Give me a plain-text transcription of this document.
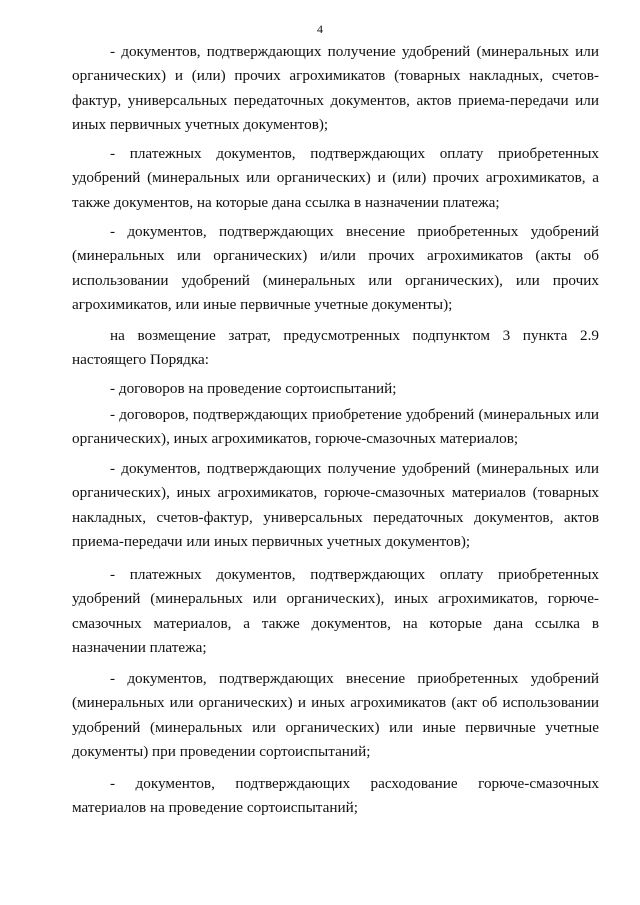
4

- документов, подтверждающих получение удобрений (минеральных или органических) и (или) прочих агрохимикатов (товарных накладных, счетов-фактур, универсальных передаточных документов, актов приема-передачи или иных первичных учетных документов);

- платежных документов, подтверждающих оплату приобретенных удобрений (минеральных или органических) и (или) прочих агрохимикатов, а также документов, на которые дана ссылка в назначении платежа;

- документов, подтверждающих внесение приобретенных удобрений (минеральных или органических) и/или прочих агрохимикатов (акты об использовании удобрений (минеральных или органических), или прочих агрохимикатов, или иные первичные учетные документы);

на возмещение затрат, предусмотренных подпунктом 3 пункта 2.9 настоящего Порядка:

- договоров на проведение сортоиспытаний;

- договоров, подтверждающих приобретение удобрений (минеральных или органических), иных агрохимикатов, горюче-смазочных материалов;

- документов, подтверждающих получение удобрений (минеральных или органических), иных агрохимикатов, горюче-смазочных материалов (товарных накладных, счетов-фактур, универсальных передаточных документов, актов приема-передачи или иных первичных учетных документов);

- платежных документов, подтверждающих оплату приобретенных удобрений (минеральных или органических), иных агрохимикатов, горюче-смазочных материалов, а также документов, на которые дана ссылка в назначении платежа;

- документов, подтверждающих внесение приобретенных удобрений (минеральных или органических) и иных агрохимикатов (акт об использовании удобрений (минеральных или органических) или иные первичные учетные документы) при проведении сортоиспытаний;

- документов, подтверждающих расходование горюче-смазочных материалов на проведение сортоиспытаний;
